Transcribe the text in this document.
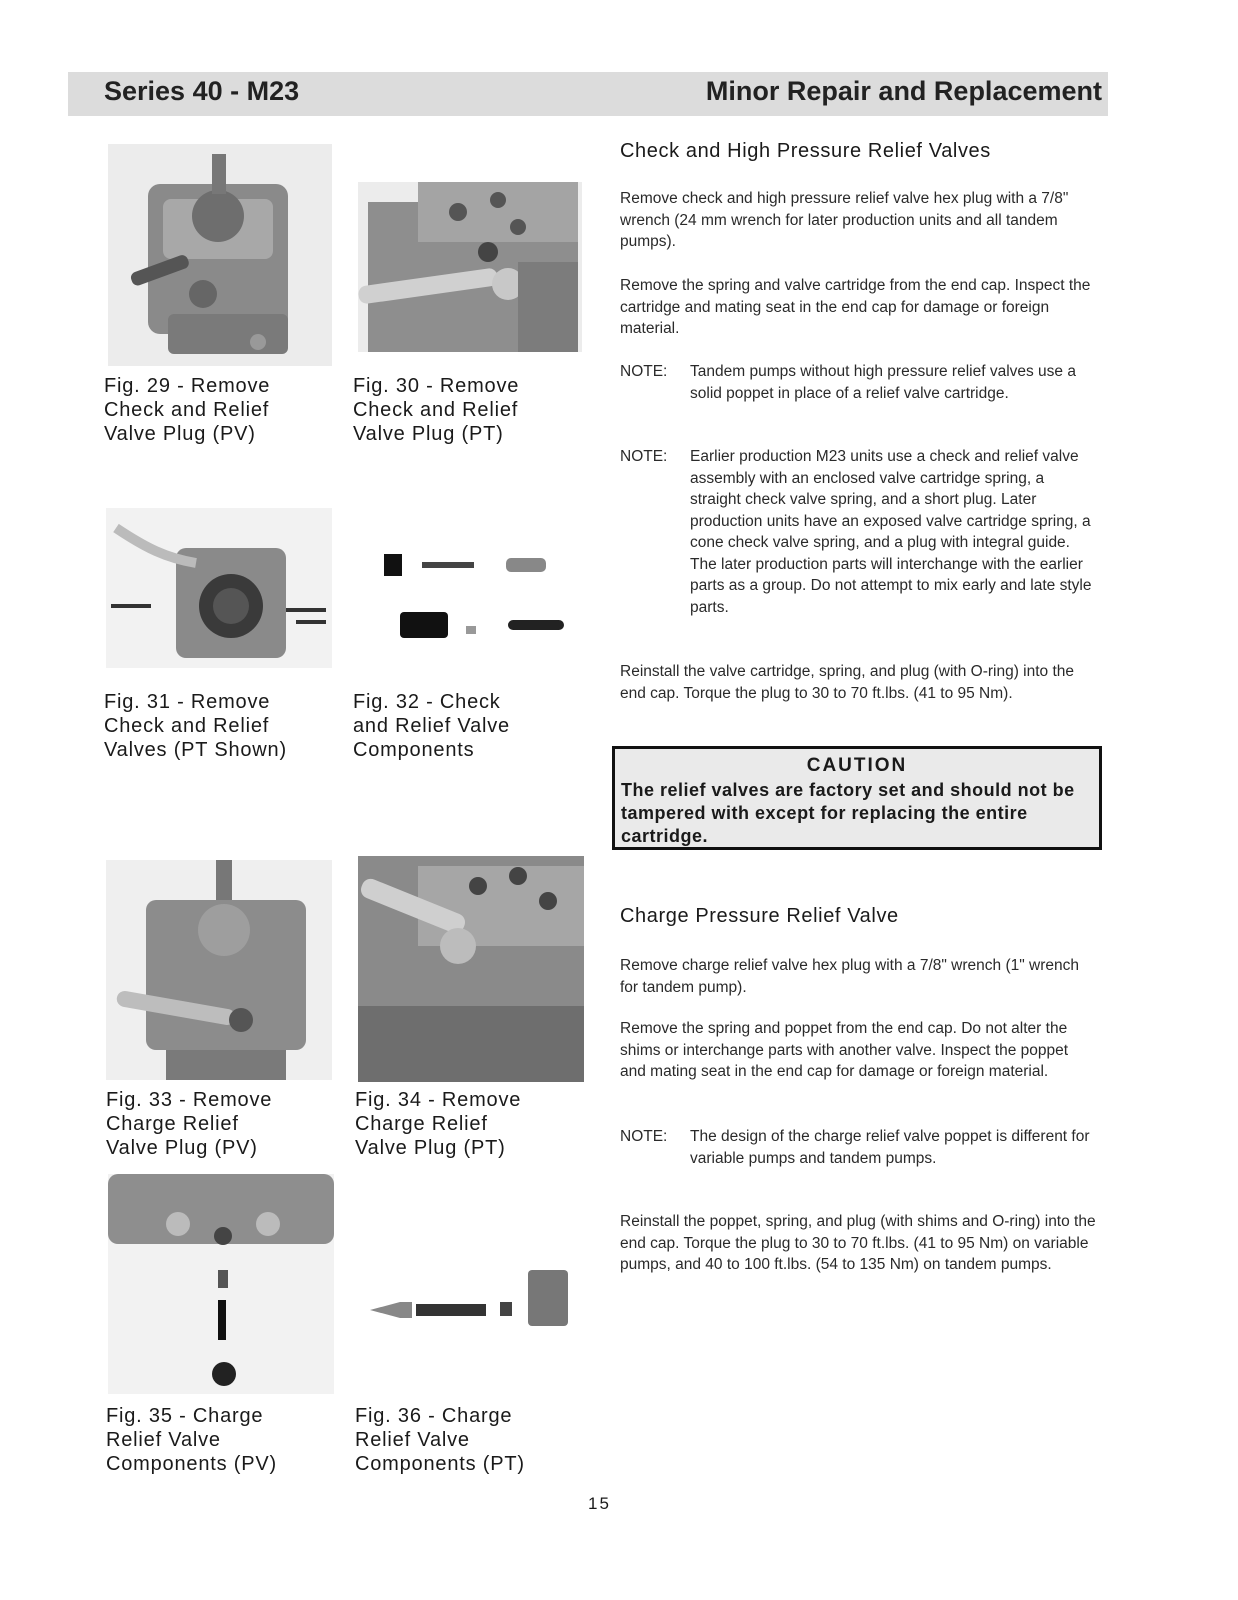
Series 40 - M23	Minor Repair and Replacement
Fig. 29 - Remove
Check and Relief
Valve Plug (PV)
Fig. 30 - Remove
Check and Relief
Valve Plug (PT)
Fig. 31 - Remove
Check and Relief
Valves (PT Shown)
Fig. 32 - Check
and Relief Valve
Components
Fig. 33 - Remove
Charge Relief
Valve Plug (PV)
Fig. 34 - Remove
Charge Relief
Valve Plug (PT)
Fig. 35 - Charge
Relief Valve
Components (PV)
Fig. 36 - Charge
Relief Valve
Components (PT)
Check and High Pressure Relief Valves

Remove check and high pressure relief valve hex plug with a 7/8" wrench (24 mm wrench for later production units and all tandem pumps).

Remove the spring and valve cartridge from the end cap. Inspect the cartridge and mating seat in the end cap for damage or foreign material.

NOTE: Tandem pumps without high pressure relief valves use a solid poppet in place of a relief valve cartridge.
NOTE: Earlier production M23 units use a check and relief valve assembly with an enclosed valve cartridge spring, a straight check valve spring, and a short plug. Later production units have an exposed valve cartridge spring, a cone check valve spring, and a plug with integral guide. The later production parts will interchange with the earlier parts as a group. Do not attempt to mix early and late style parts.

Reinstall the valve cartridge, spring, and plug (with O-ring) into the end cap. Torque the plug to 30 to 70 ft.lbs. (41 to 95 Nm).

CAUTION
The relief valves are factory set and should not be tampered with except for replacing the entire cartridge.
Charge Pressure Relief Valve

Remove charge relief valve hex plug with a 7/8" wrench (1" wrench for tandem pump).

Remove the spring and poppet from the end cap. Do not alter the shims or interchange parts with another valve. Inspect the poppet and mating seat in the end cap for damage or foreign material.

NOTE: The design of the charge relief valve poppet is different for variable pumps and tandem pumps.

Reinstall the poppet, spring, and plug (with shims and O-ring) into the end cap. Torque the plug to 30 to 70 ft.lbs. (41 to 95 Nm) on variable pumps, and 40 to 100 ft.lbs. (54 to 135 Nm) on tandem pumps.

15
